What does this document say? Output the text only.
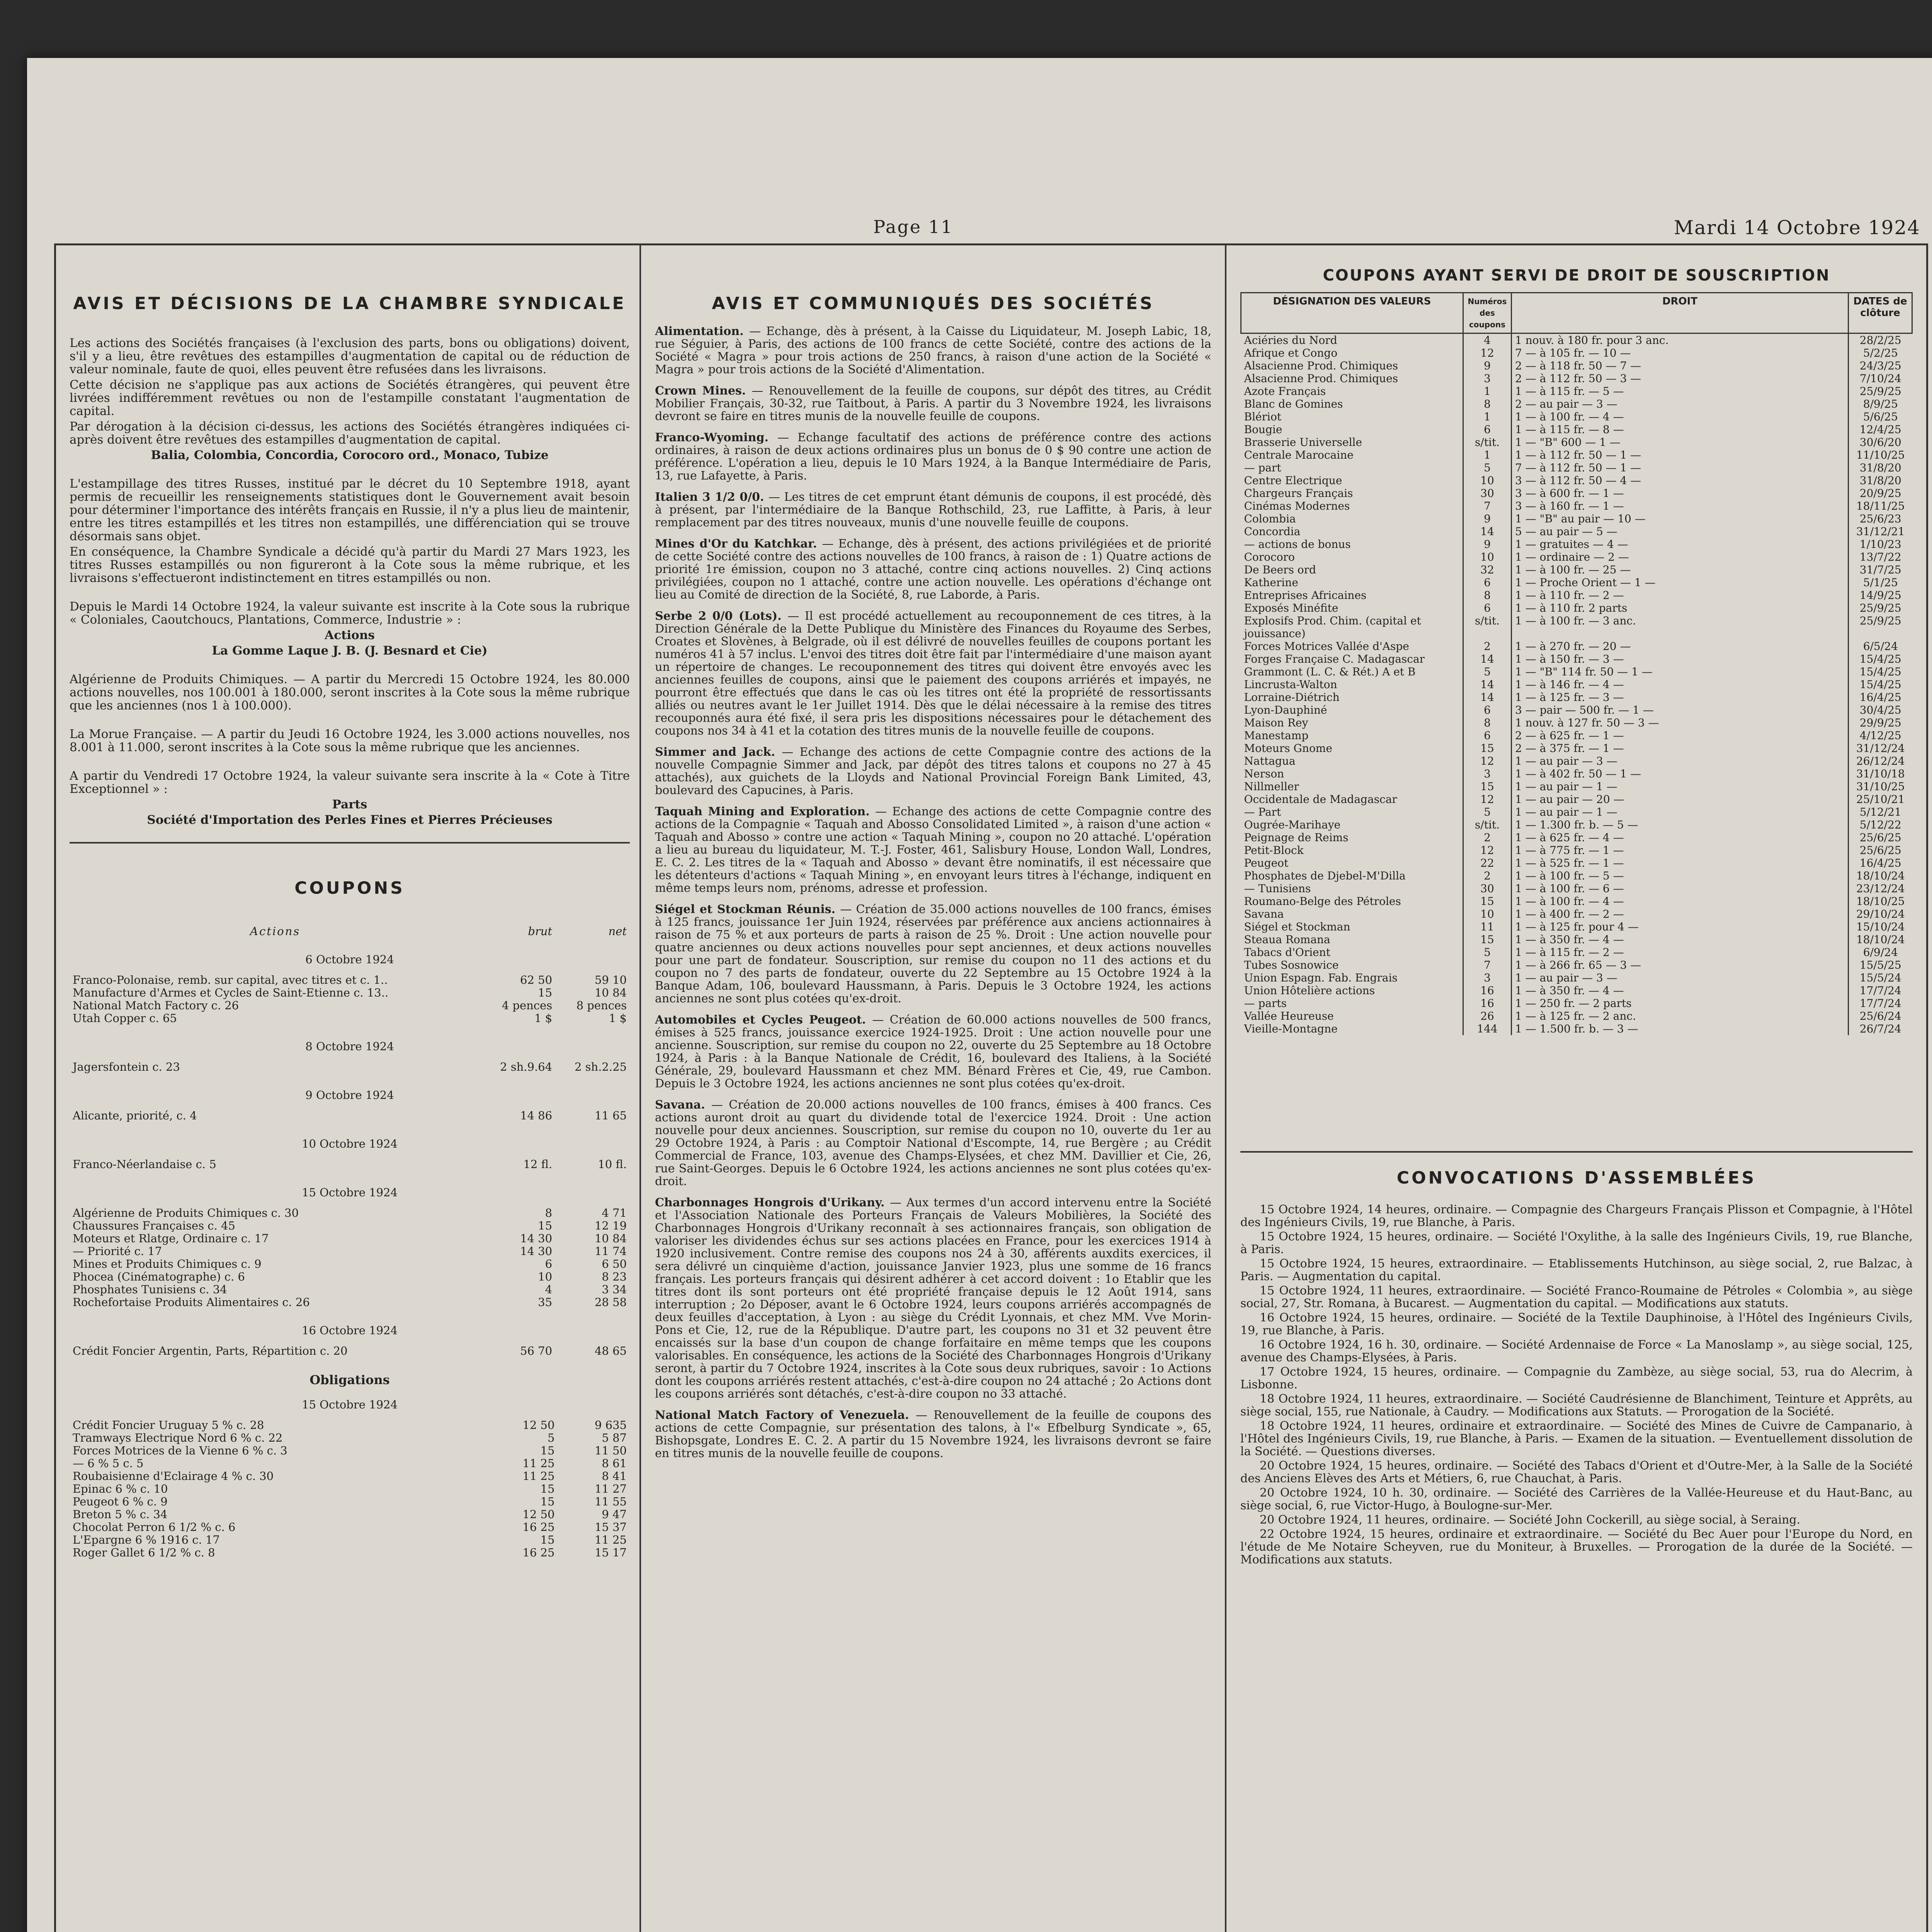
Page 11	Mardi 14 Octobre 1924
AVIS ET DÉCISIONS DE LA CHAMBRE SYNDICALE

Les actions des Sociétés françaises (à l'exclusion des parts, bons ou obligations) doivent, s'il y a lieu, être revêtues des estampilles d'augmentation de capital ou de réduction de valeur nominale, faute de quoi, elles peuvent être refusées dans les livraisons.

Cette décision ne s'applique pas aux actions de Sociétés étrangères, qui peuvent être livrées indifféremment revêtues ou non de l'estampille constatant l'augmentation de capital.

Par dérogation à la décision ci-dessus, les actions des Sociétés étrangères indiquées ci-après doivent être revêtues des estampilles d'augmentation de capital.

Balia, Colombia, Concordia, Corocoro ord., Monaco, Tubize

L'estampillage des titres Russes, institué par le décret du 10 Septembre 1918, ayant permis de recueillir les renseignements statistiques dont le Gouvernement avait besoin pour déterminer l'importance des intérêts français en Russie, il n'y a plus lieu de maintenir, entre les titres estampillés et les titres non estampillés, une différenciation qui se trouve désormais sans objet.

En conséquence, la Chambre Syndicale a décidé qu'à partir du Mardi 27 Mars 1923, les titres Russes estampillés ou non figureront à la Cote sous la même rubrique, et les livraisons s'effectueront indistinctement en titres estampillés ou non.

Depuis le Mardi 14 Octobre 1924, la valeur suivante est inscrite à la Cote sous la rubrique « Coloniales, Caoutchoucs, Plantations, Commerce, Industrie » :

Actions

La Gomme Laque J. B. (J. Besnard et Cie)

Algérienne de Produits Chimiques. — A partir du Mercredi 15 Octobre 1924, les 80.000 actions nouvelles, nos 100.001 à 180.000, seront inscrites à la Cote sous la même rubrique que les anciennes (nos 1 à 100.000).

La Morue Française. — A partir du Jeudi 16 Octobre 1924, les 3.000 actions nouvelles, nos 8.001 à 11.000, seront inscrites à la Cote sous la même rubrique que les anciennes.

A partir du Vendredi 17 Octobre 1924, la valeur suivante sera inscrite à la « Cote à Titre Exceptionnel » :

Parts

Société d'Importation des Perles Fines et Pierres Précieuses

COUPONS
Actions	brut	net
6 Octobre 1924		
Franco-Polonaise, remb. sur capital, avec titres et c. 1..	62 50	59 10
Manufacture d'Armes et Cycles de Saint-Etienne c. 13..	15	10 84
National Match Factory c. 26	4 pences	8 pences
Utah Copper c. 65	1 $	1 $
8 Octobre 1924		
Jagersfontein c. 23	2 sh.9.64	2 sh.2.25
9 Octobre 1924		
Alicante, priorité, c. 4	14 86	11 65
10 Octobre 1924		
Franco-Néerlandaise c. 5	12 fl.	10 fl.
15 Octobre 1924		
Algérienne de Produits Chimiques c. 30	8	4 71
Chaussures Françaises c. 45	15	12 19
Moteurs et Rlatge, Ordinaire c. 17	14 30	10 84
— Priorité c. 17	14 30	11 74
Mines et Produits Chimiques c. 9	6	6 50
Phocea (Cinématographe) c. 6	10	8 23
Phosphates Tunisiens c. 34	4	3 34
Rochefortaise Produits Alimentaires c. 26	35	28 58
16 Octobre 1924		
Crédit Foncier Argentin, Parts, Répartition c. 20	56 70	48 65

Obligations

15 Octobre 1924		
Crédit Foncier Uruguay 5 % c. 28	12 50	9 635
Tramways Electrique Nord 6 % c. 22	5	5 87
Forces Motrices de la Vienne 6 % c. 3	15	11 50
— 6 % 5 c. 5	11 25	8 61
Roubaisienne d'Eclairage 4 % c. 30	11 25	8 41
Epinac 6 % c. 10	15	11 27
Peugeot 6 % c. 9	15	11 55
Breton 5 % c. 34	12 50	9 47
Chocolat Perron 6 1/2 % c. 6	16 25	15 37
L'Epargne 6 % 1916 c. 17	15	11 25
Roger Gallet 6 1/2 % c. 8	16 25	15 17
AVIS ET COMMUNIQUÉS DES SOCIÉTÉS

Alimentation. — Echange, dès à présent, à la Caisse du Liquidateur, M. Joseph Labic, 18, rue Séguier, à Paris, des actions de 100 francs de cette Société, contre des actions de la Société « Magra » pour trois actions de 250 francs, à raison d'une action de la Société « Magra » pour trois actions de la Société d'Alimentation.

Crown Mines. — Renouvellement de la feuille de coupons, sur dépôt des titres, au Crédit Mobilier Français, 30-32, rue Taitbout, à Paris. A partir du 3 Novembre 1924, les livraisons devront se faire en titres munis de la nouvelle feuille de coupons.

Franco-Wyoming. — Echange facultatif des actions de préférence contre des actions ordinaires, à raison de deux actions ordinaires plus un bonus de 0 $ 90 contre une action de préférence. L'opération a lieu, depuis le 10 Mars 1924, à la Banque Intermédiaire de Paris, 13, rue Lafayette, à Paris.

Italien 3 1/2 0/0. — Les titres de cet emprunt étant démunis de coupons, il est procédé, dès à présent, par l'intermédiaire de la Banque Rothschild, 23, rue Laffitte, à Paris, à leur remplacement par des titres nouveaux, munis d'une nouvelle feuille de coupons.

Mines d'Or du Katchkar. — Echange, dès à présent, des actions privilégiées et de priorité de cette Société contre des actions nouvelles de 100 francs, à raison de : 1) Quatre actions de priorité 1re émission, coupon no 3 attaché, contre cinq actions nouvelles. 2) Cinq actions privilégiées, coupon no 1 attaché, contre une action nouvelle. Les opérations d'échange ont lieu au Comité de direction de la Société, 8, rue Laborde, à Paris.

Serbe 2 0/0 (Lots). — Il est procédé actuellement au recouponnement de ces titres, à la Direction Générale de la Dette Publique du Ministère des Finances du Royaume des Serbes, Croates et Slovènes, à Belgrade, où il est délivré de nouvelles feuilles de coupons portant les numéros 41 à 57 inclus. L'envoi des titres doit être fait par l'intermédiaire d'une maison ayant un répertoire de changes. Le recouponnement des titres qui doivent être envoyés avec les anciennes feuilles de coupons, ainsi que le paiement des coupons arriérés et impayés, ne pourront être effectués que dans le cas où les titres ont été la propriété de ressortissants alliés ou neutres avant le 1er Juillet 1914. Dès que le délai nécessaire à la remise des titres recouponnés aura été fixé, il sera pris les dispositions nécessaires pour le détachement des coupons nos 34 à 41 et la cotation des titres munis de la nouvelle feuille de coupons.

Simmer and Jack. — Echange des actions de cette Compagnie contre des actions de la nouvelle Compagnie Simmer and Jack, par dépôt des titres talons et coupons no 27 à 45 attachés), aux guichets de la Lloyds and National Provincial Foreign Bank Limited, 43, boulevard des Capucines, à Paris.

Taquah Mining and Exploration. — Echange des actions de cette Compagnie contre des actions de la Compagnie « Taquah and Abosso Consolidated Limited », à raison d'une action « Taquah and Abosso » contre une action « Taquah Mining », coupon no 20 attaché. L'opération a lieu au bureau du liquidateur, M. T.-J. Foster, 461, Salisbury House, London Wall, Londres, E. C. 2. Les titres de la « Taquah and Abosso » devant être nominatifs, il est nécessaire que les détenteurs d'actions « Taquah Mining », en envoyant leurs titres à l'échange, indiquent en même temps leurs nom, prénoms, adresse et profession.

Siégel et Stockman Réunis. — Création de 35.000 actions nouvelles de 100 francs, émises à 125 francs, jouissance 1er Juin 1924, réservées par préférence aux anciens actionnaires à raison de 75 % et aux porteurs de parts à raison de 25 %. Droit : Une action nouvelle pour quatre anciennes ou deux actions nouvelles pour sept anciennes, et deux actions nouvelles pour une part de fondateur. Souscription, sur remise du coupon no 11 des actions et du coupon no 7 des parts de fondateur, ouverte du 22 Septembre au 15 Octobre 1924 à la Banque Adam, 106, boulevard Haussmann, à Paris. Depuis le 3 Octobre 1924, les actions anciennes ne sont plus cotées qu'ex-droit.

Automobiles et Cycles Peugeot. — Création de 60.000 actions nouvelles de 500 francs, émises à 525 francs, jouissance exercice 1924-1925. Droit : Une action nouvelle pour une ancienne. Souscription, sur remise du coupon no 22, ouverte du 25 Septembre au 18 Octobre 1924, à Paris : à la Banque Nationale de Crédit, 16, boulevard des Italiens, à la Société Générale, 29, boulevard Haussmann et chez MM. Bénard Frères et Cie, 49, rue Cambon. Depuis le 3 Octobre 1924, les actions anciennes ne sont plus cotées qu'ex-droit.

Savana. — Création de 20.000 actions nouvelles de 100 francs, émises à 400 francs. Ces actions auront droit au quart du dividende total de l'exercice 1924. Droit : Une action nouvelle pour deux anciennes. Souscription, sur remise du coupon no 10, ouverte du 1er au 29 Octobre 1924, à Paris : au Comptoir National d'Escompte, 14, rue Bergère ; au Crédit Commercial de France, 103, avenue des Champs-Elysées, et chez MM. Davillier et Cie, 26, rue Saint-Georges. Depuis le 6 Octobre 1924, les actions anciennes ne sont plus cotées qu'ex-droit.

Charbonnages Hongrois d'Urikany. — Aux termes d'un accord intervenu entre la Société et l'Association Nationale des Porteurs Français de Valeurs Mobilières, la Société des Charbonnages Hongrois d'Urikany reconnaît à ses actionnaires français, son obligation de valoriser les dividendes échus sur ses actions placées en France, pour les exercices 1914 à 1920 inclusivement. Contre remise des coupons nos 24 à 30, afférents auxdits exercices, il sera délivré un cinquième d'action, jouissance Janvier 1923, plus une somme de 16 francs français. Les porteurs français qui désirent adhérer à cet accord doivent : 1o Etablir que les titres dont ils sont porteurs ont été propriété française depuis le 12 Août 1914, sans interruption ; 2o Déposer, avant le 6 Octobre 1924, leurs coupons arriérés accompagnés de deux feuilles d'acceptation, à Lyon : au siège du Crédit Lyonnais, et chez MM. Vve Morin-Pons et Cie, 12, rue de la République. D'autre part, les coupons no 31 et 32 peuvent être encaissés sur la base d'un coupon de change forfaitaire en même temps que les coupons valorisables. En conséquence, les actions de la Société des Charbonnages Hongrois d'Urikany seront, à partir du 7 Octobre 1924, inscrites à la Cote sous deux rubriques, savoir : 1o Actions dont les coupons arriérés restent attachés, c'est-à-dire coupon no 24 attaché ; 2o Actions dont les coupons arriérés sont détachés, c'est-à-dire coupon no 33 attaché.

National Match Factory of Venezuela. — Renouvellement de la feuille de coupons des actions de cette Compagnie, sur présentation des talons, à l'« Efbelburg Syndicate », 65, Bishopsgate, Londres E. C. 2. A partir du 15 Novembre 1924, les livraisons devront se faire en titres munis de la nouvelle feuille de coupons.

COUPONS AYANT SERVI DE DROIT DE SOUSCRIPTION
DÉSIGNATION DES VALEURS	Numéros des coupons	DROIT	DATES de clôture
Aciéries du Nord	4	1 nouv. à 180 fr. pour 3 anc.	28/2/25
Afrique et Congo	12	7 — à 105 fr. — 10 —	5/2/25
Alsacienne Prod. Chimiques	9	2 — à 118 fr. 50 — 7 —	24/3/25
Alsacienne Prod. Chimiques	3	2 — à 112 fr. 50 — 3 —	7/10/24
Azote Français	1	1 — à 115 fr. — 5 —	25/9/25
Blanc de Gomines	8	2 — au pair — 3 —	8/9/25
Blériot	1	1 — à 100 fr. — 4 —	5/6/25
Bougie	6	1 — à 115 fr. — 8 —	12/4/25
Brasserie Universelle	s/tit.	1 — "B" 600 — 1 —	30/6/20
Centrale Marocaine	1	1 — à 112 fr. 50 — 1 —	11/10/25
— part	5	7 — à 112 fr. 50 — 1 —	31/8/20
Centre Electrique	10	3 — à 112 fr. 50 — 4 —	31/8/20
Chargeurs Français	30	3 — à 600 fr. — 1 —	20/9/25
Cinémas Modernes	7	3 — à 160 fr. — 1 —	18/11/25
Colombia	9	1 — "B" au pair — 10 —	25/6/23
Concordia	14	5 — au pair — 5 —	31/12/21
— actions de bonus	9	1 — gratuites — 4 —	1/10/23
Corocoro	10	1 — ordinaire — 2 —	13/7/22
De Beers ord	32	1 — à 100 fr. — 25 —	31/7/25
Katherine	6	1 — Proche Orient — 1 —	5/1/25
Entreprises Africaines	8	1 — à 110 fr. — 2 —	14/9/25
Exposés Minéfite	6	1 — à 110 fr. 2 parts	25/9/25
Explosifs Prod. Chim. (capital et jouissance)	s/tit.	1 — à 100 fr. — 3 anc.	25/9/25
Forces Motrices Vallée d'Aspe	2	1 — à 270 fr. — 20 —	6/5/24
Forges Française C. Madagascar	14	1 — à 150 fr. — 3 —	15/4/25
Grammont (L. C. & Rét.) A et B	5	1 — "B" 114 fr. 50 — 1 —	15/4/25
Lincrusta-Walton	14	1 — à 146 fr. — 4 —	15/4/25
Lorraine-Diétrich	14	1 — à 125 fr. — 3 —	16/4/25
Lyon-Dauphiné	6	3 — pair — 500 fr. — 1 —	30/4/25
Maison Rey	8	1 nouv. à 127 fr. 50 — 3 —	29/9/25
Manestamp	6	2 — à 625 fr. — 1 —	4/12/25
Moteurs Gnome	15	2 — à 375 fr. — 1 —	31/12/24
Nattagua	12	1 — au pair — 3 —	26/12/24
Nerson	3	1 — à 402 fr. 50 — 1 —	31/10/18
Nillmeller	15	1 — au pair — 1 —	31/10/25
Occidentale de Madagascar	12	1 — au pair — 20 —	25/10/21
— Part	5	1 — au pair — 1 —	5/12/21
Ougrée-Marihaye	s/tit.	1 — 1.300 fr. b. — 5 —	5/12/22
Peignage de Reims	2	1 — à 625 fr. — 4 —	25/6/25
Petit-Block	12	1 — à 775 fr. — 1 —	25/6/25
Peugeot	22	1 — à 525 fr. — 1 —	16/4/25
Phosphates de Djebel-M'Dilla	2	1 — à 100 fr. — 5 —	18/10/24
— Tunisiens	30	1 — à 100 fr. — 6 —	23/12/24
Roumano-Belge des Pétroles	15	1 — à 100 fr. — 4 —	18/10/25
Savana	10	1 — à 400 fr. — 2 —	29/10/24
Siégel et Stockman	11	1 — à 125 fr. pour 4 —	15/10/24
Steaua Romana	15	1 — à 350 fr. — 4 —	18/10/24
Tabacs d'Orient	5	1 — à 115 fr. — 2 —	6/9/24
Tubes Sosnowice	7	1 — à 266 fr. 65 — 3 —	15/5/25
Union Espagn. Fab. Engrais	3	1 — au pair — 3 —	15/5/24
Union Hôtelière actions	16	1 — à 350 fr. — 4 —	17/7/24
— parts	16	1 — 250 fr. — 2 parts	17/7/24
Vallée Heureuse	26	1 — à 125 fr. — 2 anc.	25/6/24
Vieille-Montagne	144	1 — 1.500 fr. b. — 3 —	26/7/24
CONVOCATIONS D'ASSEMBLÉES

15 Octobre 1924, 14 heures, ordinaire. — Compagnie des Chargeurs Français Plisson et Compagnie, à l'Hôtel des Ingénieurs Civils, 19, rue Blanche, à Paris.

15 Octobre 1924, 15 heures, ordinaire. — Société l'Oxylithe, à la salle des Ingénieurs Civils, 19, rue Blanche, à Paris.

15 Octobre 1924, 15 heures, extraordinaire. — Etablissements Hutchinson, au siège social, 2, rue Balzac, à Paris. — Augmentation du capital.

15 Octobre 1924, 11 heures, extraordinaire. — Société Franco-Roumaine de Pétroles « Colombia », au siège social, 27, Str. Romana, à Bucarest. — Augmentation du capital. — Modifications aux statuts.

16 Octobre 1924, 15 heures, ordinaire. — Société de la Textile Dauphinoise, à l'Hôtel des Ingénieurs Civils, 19, rue Blanche, à Paris.

16 Octobre 1924, 16 h. 30, ordinaire. — Société Ardennaise de Force « La Manoslamp », au siège social, 125, avenue des Champs-Elysées, à Paris.

17 Octobre 1924, 15 heures, ordinaire. — Compagnie du Zambèze, au siège social, 53, rua do Alecrim, à Lisbonne.

18 Octobre 1924, 11 heures, extraordinaire. — Société Caudrésienne de Blanchiment, Teinture et Apprêts, au siège social, 155, rue Nationale, à Caudry. — Modifications aux Statuts. — Prorogation de la Société.

18 Octobre 1924, 11 heures, ordinaire et extraordinaire. — Société des Mines de Cuivre de Campanario, à l'Hôtel des Ingénieurs Civils, 19, rue Blanche, à Paris. — Examen de la situation. — Eventuellement dissolution de la Société. — Questions diverses.

20 Octobre 1924, 15 heures, ordinaire. — Société des Tabacs d'Orient et d'Outre-Mer, à la Salle de la Société des Anciens Elèves des Arts et Métiers, 6, rue Chauchat, à Paris.

20 Octobre 1924, 10 h. 30, ordinaire. — Société des Carrières de la Vallée-Heureuse et du Haut-Banc, au siège social, 6, rue Victor-Hugo, à Boulogne-sur-Mer.

20 Octobre 1924, 11 heures, ordinaire. — Société John Cockerill, au siège social, à Seraing.

22 Octobre 1924, 15 heures, ordinaire et extraordinaire. — Société du Bec Auer pour l'Europe du Nord, en l'étude de Me Notaire Scheyven, rue du Moniteur, à Bruxelles. — Prorogation de la durée de la Société. — Modifications aux statuts.
